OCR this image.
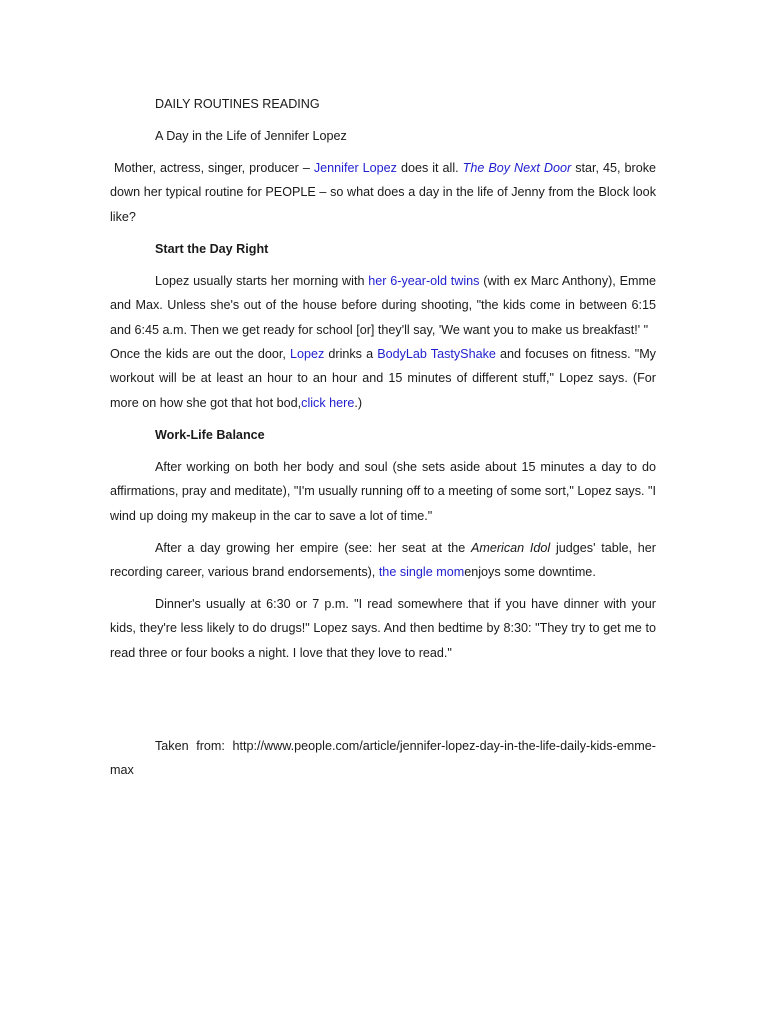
DAILY ROUTINES READING

A Day in the Life of Jennifer Lopez

Mother, actress, singer, producer – Jennifer Lopez does it all. The Boy Next Door star, 45, broke down her typical routine for PEOPLE – so what does a day in the life of Jenny from the Block look like?

Start the Day Right

Lopez usually starts her morning with her 6-year-old twins (with ex Marc Anthony), Emme and Max. Unless she's out of the house before during shooting, "the kids come in between 6:15 and 6:45 a.m. Then we get ready for school [or] they'll say, 'We want you to make us breakfast!' "
Once the kids are out the door, Lopez drinks a BodyLab TastyShake and focuses on fitness. "My workout will be at least an hour to an hour and 15 minutes of different stuff," Lopez says. (For more on how she got that hot bod,click here.)

Work-Life Balance

After working on both her body and soul (she sets aside about 15 minutes a day to do affirmations, pray and meditate), "I'm usually running off to a meeting of some sort," Lopez says. "I wind up doing my makeup in the car to save a lot of time."

After a day growing her empire (see: her seat at the American Idol judges' table, her recording career, various brand endorsements), the single momenjoys some downtime.

Dinner's usually at 6:30 or 7 p.m. "I read somewhere that if you have dinner with your kids, they're less likely to do drugs!" Lopez says. And then bedtime by 8:30: "They try to get me to read three or four books a night. I love that they love to read."

Taken from: http://www.people.com/article/jennifer-lopez-day-in-the-life-daily-kids-emme-max
